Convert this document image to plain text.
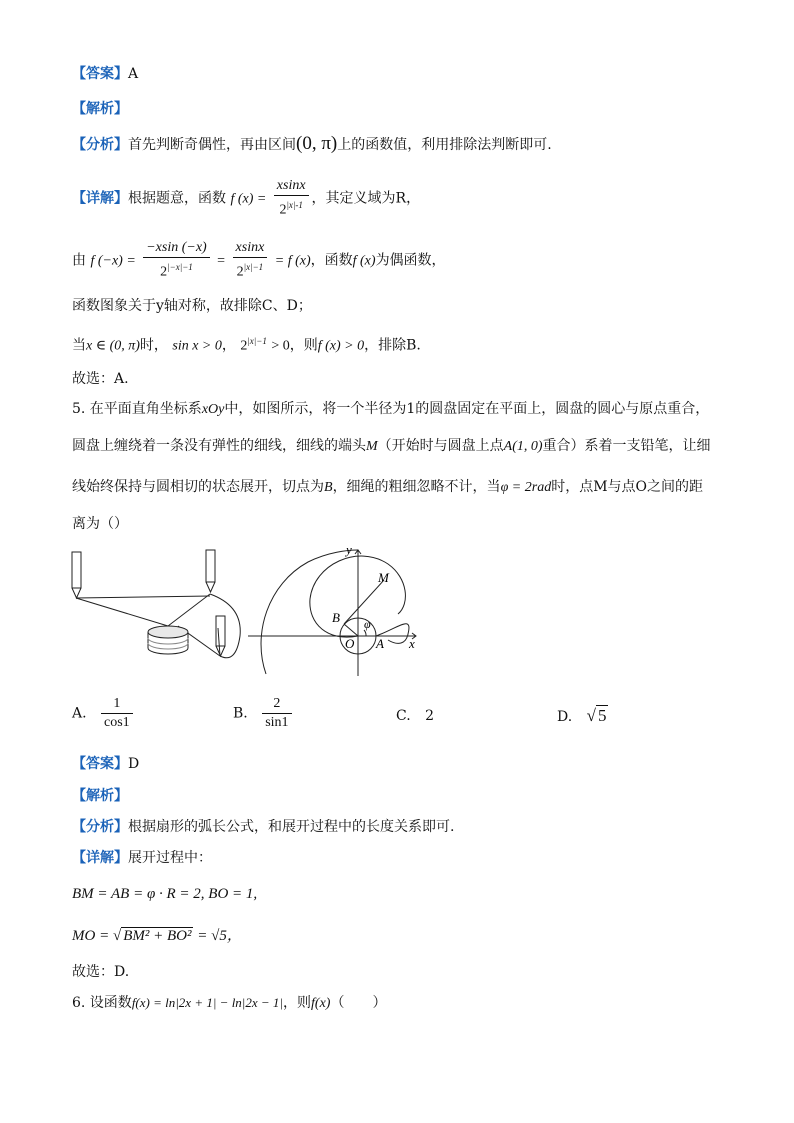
【答案】A
【解析】
【分析】首先判断奇偶性，再由区间(0, π)上的函数值，利用排除法判断即可.
【详解】根据题意，函数 f $(x) = \frac{xsinx}{2^{|x|-1}}$ ，其定义域为R，
由 f $(-x) = \frac{-xsin (-x)}{2^{|-x|-1}} = \frac{xsinx}{2^{|x|-1}} = f$ (x)，函数f (x)为偶函数，
函数图象关于y轴对称，故排除C、D；
当x ∈ (0, π)时， sin x > 0， $2^{|x|-1} > 0$，则f (x) > 0，排除B.
故选：A.
5. 在平面直角坐标系xOy中，如图所示，将一个半径为1的圆盘固定在平面上，圆盘的圆心与原点重合，
圆盘上缠绕着一条没有弹性的细线，细线的端头M（开始时与圆盘上点A(1, 0)重合）系着一支铅笔，让细
线始终保持与圆相切的状态展开，切点为B，细绳的粗细忽略不计，当φ = 2rad时，点M与点O之间的距
离为（）
y
M
B φ
O A x
A. $\frac{1}{\cos 1}$	B. $\frac{2}{\sin 1}$	C. 2	D. √ 5
【答案】D
【解析】
【分析】根据扇形的弧长公式，和展开过程中的长度关系即可.
【详解】展开过程中：
BM = AB = φ · R = 2, BO = 1,
MO = √ BM² + BO² = √5，
故选：D.
6. 设函数f(x) = ln|2x + 1| − ln|2x − 1|，则f(x)（　　）
